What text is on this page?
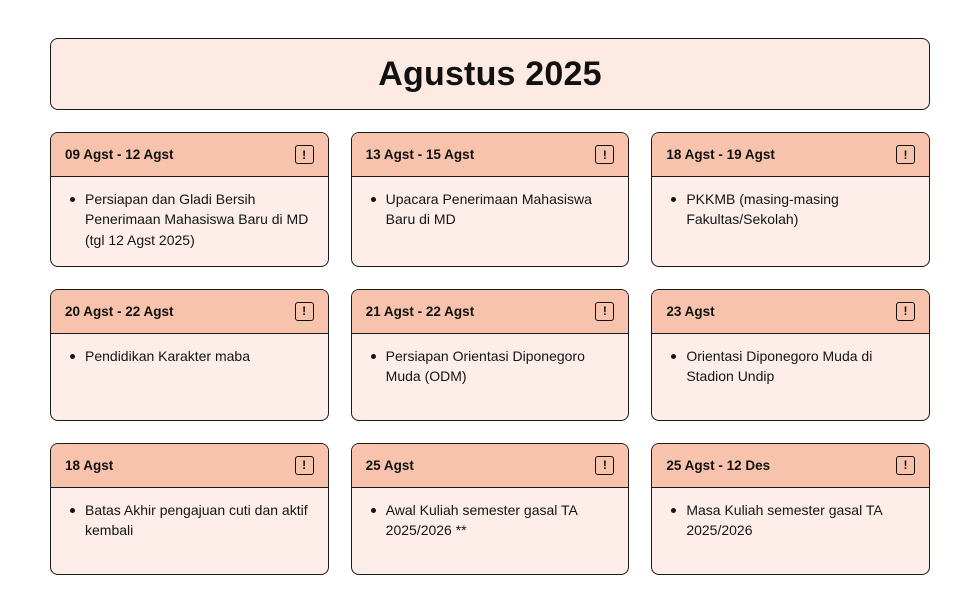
Agustus 2025
09 Agst - 12 Agst	!
Persiapan dan Gladi Bersih Penerimaan Mahasiswa Baru di MD (tgl 12 Agst 2025)
13 Agst - 15 Agst	!
Upacara Penerimaan Mahasiswa Baru di MD
18 Agst - 19 Agst	!
PKKMB (masing-masing Fakultas/Sekolah)
20 Agst - 22 Agst	!
Pendidikan Karakter maba
21 Agst - 22 Agst	!
Persiapan Orientasi Diponegoro Muda (ODM)
23 Agst	!
Orientasi Diponegoro Muda di Stadion Undip
18 Agst	!
Batas Akhir pengajuan cuti dan aktif kembali
25 Agst	!
Awal Kuliah semester gasal TA 2025/2026 **
25 Agst - 12 Des	!
Masa Kuliah semester gasal TA 2025/2026
